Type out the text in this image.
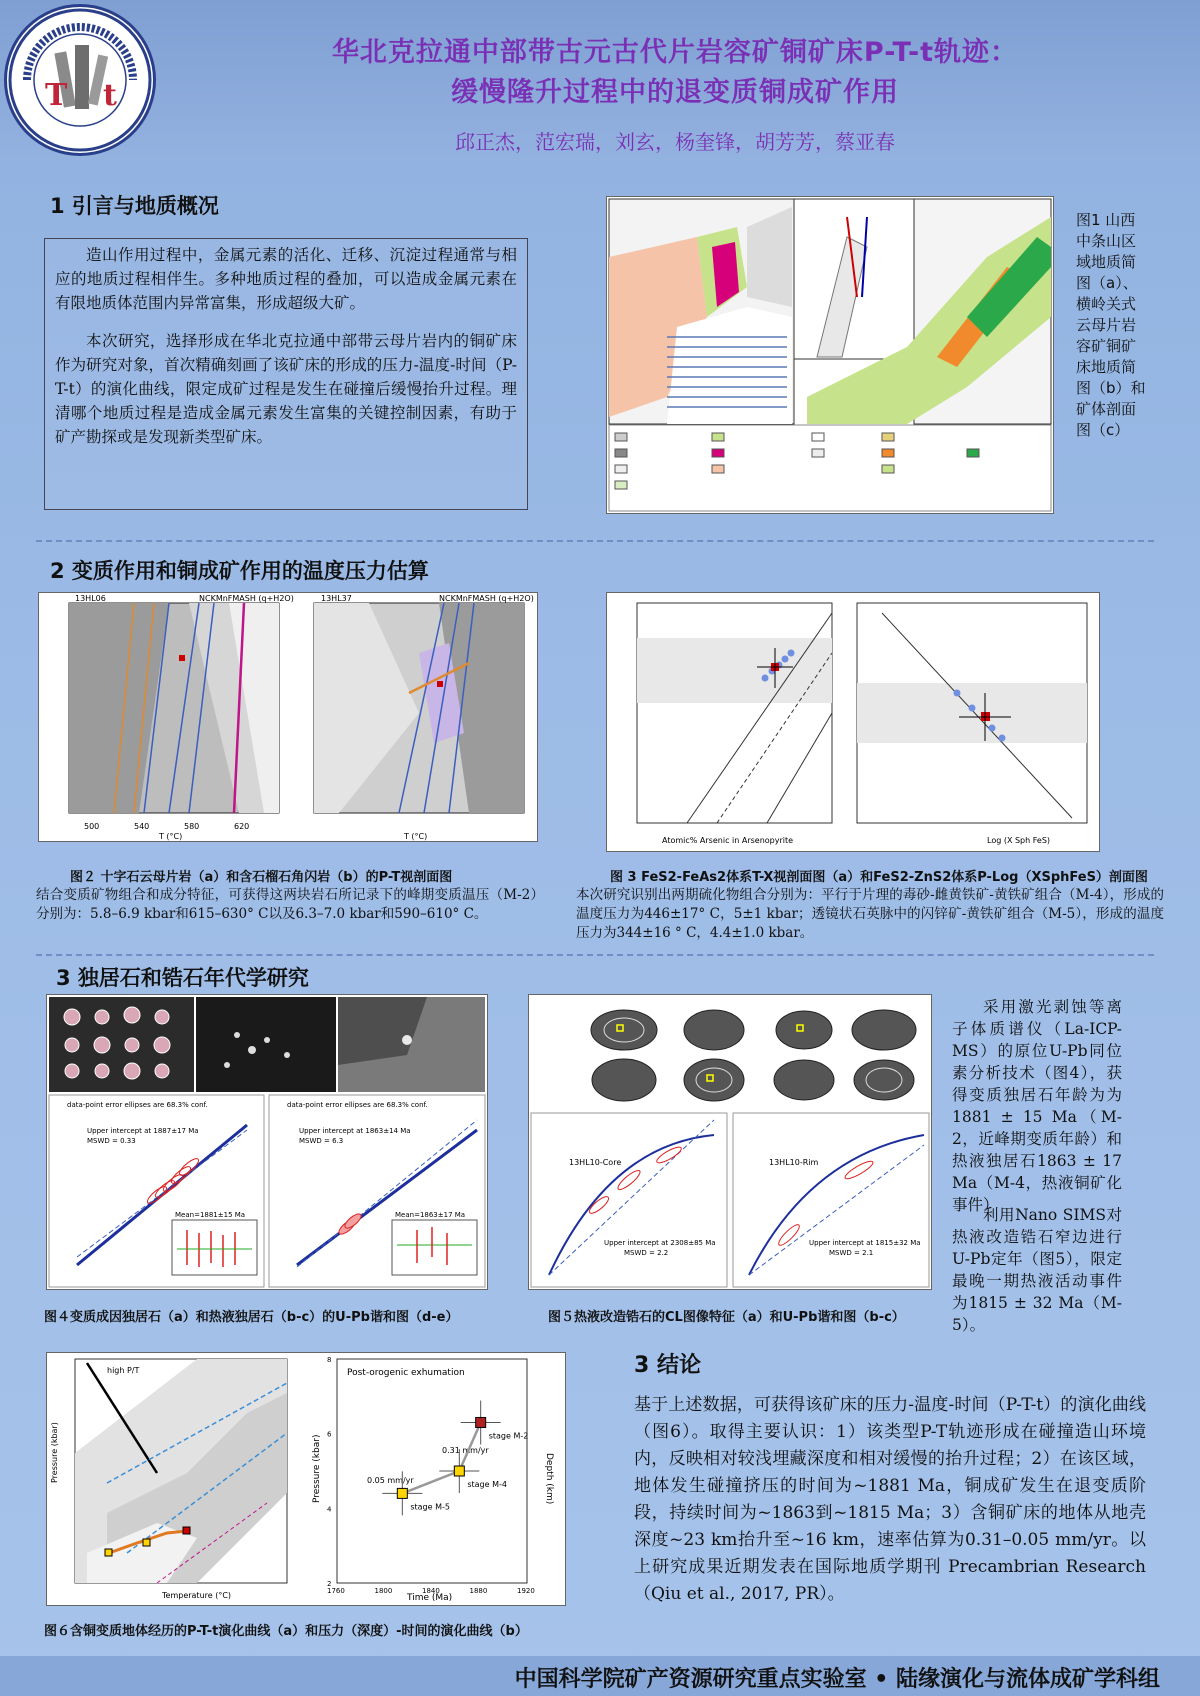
T t
华北克拉通中部带古元古代片岩容矿铜矿床P-T-t轨迹：
缓慢隆升过程中的退变质铜成矿作用
邱正杰，范宏瑞，刘玄，杨奎锋，胡芳芳，蔡亚春
1 引言与地质概况

造山作用过程中，金属元素的活化、迁移、沉淀过程通常与相应的地质过程相伴生。多种地质过程的叠加，可以造成金属元素在有限地质体范围内异常富集，形成超级大矿。

本次研究，选择形成在华北克拉通中部带云母片岩内的铜矿床作为研究对象，首次精确刻画了该矿床的形成的压力-温度-时间（P-T-t）的演化曲线，限定成矿过程是发生在碰撞后缓慢抬升过程。理清哪个地质过程是造成金属元素发生富集的关键控制因素，有助于矿产勘探或是发现新类型矿床。

图1 山西中条山区域地质简图（a）、横岭关式云母片岩容矿铜矿床地质简图（b）和矿体剖面图（c）
2 变质作用和铜成矿作用的温度压力估算
13HL06	NCKMnFMASH (q+H2O)
500	540	580	620
T (°C)
13HL37	NCKMnFMASH (q+H2O)
T (°C)
图２ 十字石云母片岩（a）和含石榴石角闪岩（b）的P-T视剖面图
结合变质矿物组合和成分特征，可获得这两块岩石所记录下的峰期变质温压（M-2）分别为：5.8–6.9 kbar和615–630° C以及6.3–7.0 kbar和590–610° C。
Atomic% Arsenic in Arsenopyrite	Log (X Sph FeS)
图 3 FeS2-FeAs2体系T-X视剖面图（a）和FeS2-ZnS2体系P-Log（XSphFeS）剖面图
本次研究识别出两期硫化物组合分别为：平行于片理的毒砂-雌黄铁矿-黄铁矿组合（M-4），形成的温度压力为446±17° C，5±1 kbar；透镜状石英脉中的闪锌矿-黄铁矿组合（M-5），形成的温度压力为344±16 ° C，4.4±1.0 kbar。
3 独居石和锆石年代学研究
data-point error ellipses are 68.3% conf.
Upper intercept at 1887±17 Ma
MSWD = 0.33
Mean=1881±15 Ma
data-point error ellipses are 68.3% conf.
Upper intercept at 1863±14 Ma
MSWD = 6.3
Mean=1863±17 Ma
图４变质成因独居石（a）和热液独居石（b-c）的U-Pb谐和图（d-e）
13HL10-Core
Upper intercept at 2308±85 Ma
MSWD = 2.2
13HL10-Rim
Upper intercept at 1815±32 Ma
MSWD = 2.1
图５热液改造锆石的CL图像特征（a）和U-Pb谐和图（b-c）
采用激光剥蚀等离子体质谱仪（La-ICP-MS）的原位U-Pb同位素分析技术（图4），获得变质独居石年龄为为1881 ± 15 Ma（M-2，近峰期变质年龄）和热液独居石1863 ± 17 Ma（M-4，热液铜矿化事件）
利用Nano SIMS对热液改造锆石窄边进行U-Pb定年（图5），限定最晚一期热液活动事件为1815 ± 32 Ma（M-5）。
high P/T
Temperature (°C)
Pressure (kbar)
Post-orogenic exhumation
Time (Ma)
Pressure (kbar)	Depth (km)
0.31 mm/yr
0.05 mm/yr
stage M-2
stage M-4
stage M-5
1760	1800	1840	1880	1920
2
4
6
8
图６含铜变质地体经历的P-T-t演化曲线（a）和压力（深度）-时间的演化曲线（b）
3 结论
基于上述数据，可获得该矿床的压力-温度-时间（P-T-t）的演化曲线（图6）。取得主要认识：1）该类型P-T轨迹形成在碰撞造山环境内，反映相对较浅埋藏深度和相对缓慢的抬升过程；2）在该区域，地体发生碰撞挤压的时间为~1881 Ma，铜成矿发生在退变质阶段，持续时间为~1863到~1815 Ma；3）含铜矿床的地体从地壳深度~23 km抬升至~16 km，速率估算为0.31–0.05 mm/yr。以上研究成果近期发表在国际地质学期刊 Precambrian Research（Qiu et al., 2017, PR）。
中国科学院矿产资源研究重点实验室 • 陆缘演化与流体成矿学科组
